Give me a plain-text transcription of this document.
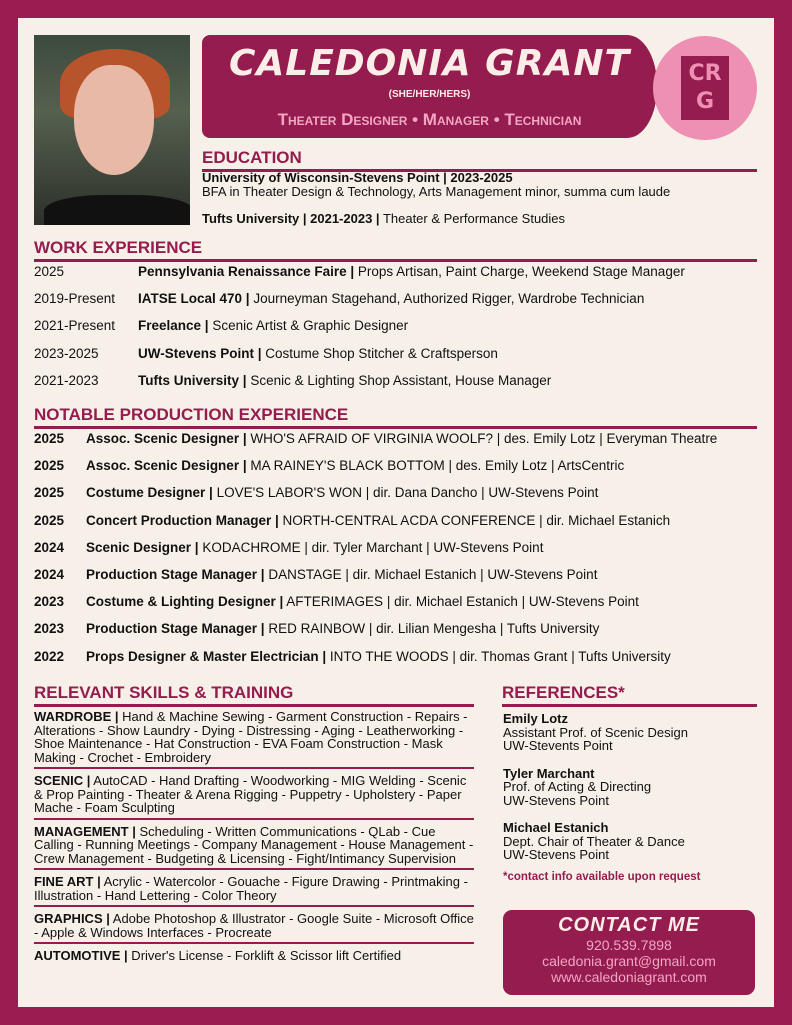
CALEDONIA GRANT
(SHE/HER/HERS)
Theater Designer • Manager • Technician
CR
G
EDUCATION
University of Wisconsin-Stevens Point | 2023-2025
BFA in Theater Design & Technology, Arts Management minor, summa cum laude
Tufts University | 2021-2023 | Theater & Performance Studies
WORK EXPERIENCE
2025	Pennsylvania Renaissance Faire | Props Artisan, Paint Charge, Weekend Stage Manager
2019-Present IATSE Local 470 | Journeyman Stagehand, Authorized Rigger, Wardrobe Technician
2021-Present Freelance | Scenic Artist & Graphic Designer
2023-2025	UW-Stevens Point | Costume Shop Stitcher & Craftsperson
2021-2023	Tufts University | Scenic & Lighting Shop Assistant, House Manager
NOTABLE PRODUCTION EXPERIENCE
2025 Assoc. Scenic Designer | WHO'S AFRAID OF VIRGINIA WOOLF? | des. Emily Lotz | Everyman Theatre
2025 Assoc. Scenic Designer | MA RAINEY'S BLACK BOTTOM | des. Emily Lotz | ArtsCentric
2025 Costume Designer | LOVE'S LABOR'S WON | dir. Dana Dancho | UW-Stevens Point
2025 Concert Production Manager | NORTH-CENTRAL ACDA CONFERENCE | dir. Michael Estanich
2024 Scenic Designer | KODACHROME | dir. Tyler Marchant | UW-Stevens Point
2024 Production Stage Manager | DANSTAGE | dir. Michael Estanich | UW-Stevens Point
2023 Costume & Lighting Designer | AFTERIMAGES | dir. Michael Estanich | UW-Stevens Point
2023 Production Stage Manager | RED RAINBOW | dir. Lilian Mengesha | Tufts University
2022 Props Designer & Master Electrician | INTO THE WOODS | dir. Thomas Grant | Tufts University
RELEVANT SKILLS & TRAINING
WARDROBE | Hand & Machine Sewing - Garment Construction - Repairs - Alterations - Show Laundry - Dying - Distressing - Aging - Leatherworking - Shoe Maintenance - Hat Construction - EVA Foam Construction - Mask Making - Crochet - Embroidery
SCENIC | AutoCAD - Hand Drafting - Woodworking - MIG Welding - Scenic & Prop Painting - Theater & Arena Rigging - Puppetry - Upholstery - Paper Mache - Foam Sculpting
MANAGEMENT | Scheduling - Written Communications - QLab - Cue Calling - Running Meetings - Company Management - House Management - Crew Management - Budgeting & Licensing - Fight/Intimancy Supervision
FINE ART | Acrylic - Watercolor - Gouache - Figure Drawing - Printmaking - Illustration - Hand Lettering - Color Theory
GRAPHICS | Adobe Photoshop & Illustrator - Google Suite - Microsoft Office - Apple & Windows Interfaces - Procreate
AUTOMOTIVE | Driver's License - Forklift & Scissor lift Certified
REFERENCES*
Emily Lotz
Assistant Prof. of Scenic Design
UW-Stevents Point
Tyler Marchant
Prof. of Acting & Directing
UW-Stevens Point
Michael Estanich
Dept. Chair of Theater & Dance
UW-Stevens Point
*contact info available upon request
CONTACT ME
920.539.7898
caledonia.grant@gmail.com
www.caledoniagrant.com
